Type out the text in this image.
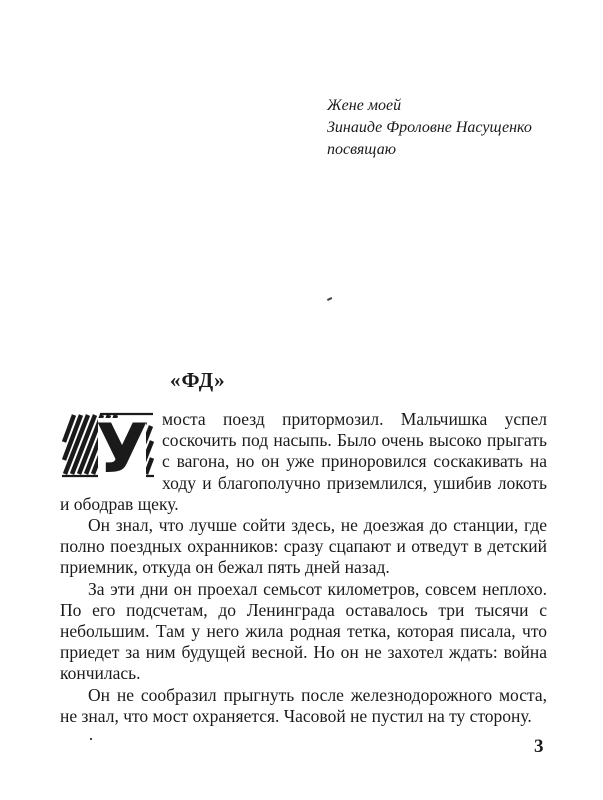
Жене моей
Зинаиде Фроловне Насущенко
посвящаю
«ФД»

У моста поезд притормозил. Мальчишка успел соскочить под насыпь. Было очень высоко прыгать с вагона, но он уже приноровился соскакивать на ходу и благополучно приземлился, ушибив локоть и ободрав щеку.

Он знал, что лучше сойти здесь, не доезжая до станции, где полно поездных охранников: сразу сцапают и отведут в детский приемник, откуда он бежал пять дней назад.

За эти дни он проехал семьсот километров, совсем неплохо. По его подсчетам, до Ленинграда оставалось три тысячи с небольшим. Там у него жила родная тетка, которая писала, что приедет за ним будущей весной. Но он не захотел ждать: война кончилась.

Он не сообразил прыгнуть после железнодорожного моста, не знал, что мост охраняется. Часовой не пустил на ту сторону.

3
